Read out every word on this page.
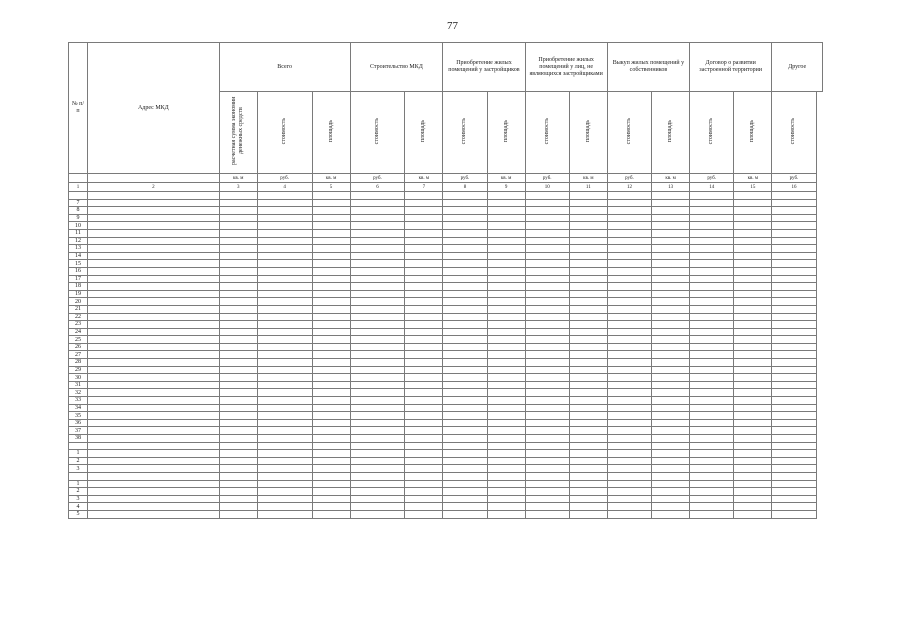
77
№ п/п	Адрес МКД	Всего			Строительство МКД		Приобретение жилых помещений у застройщиков		Приобретение жилых помещений у лиц, не являющихся застройщиками		Выкуп жилых помещений у собственников		Договор о развитии застроенной территории		Другое
		расчетная сумма экономии денежных средств	стоимость	площадь	стоимость	площадь	стоимость	площадь	стоимость	площадь	стоимость	площадь	стоимость	площадь	стоимость
		кв. м	руб.	кв. м	руб.	кв. м	руб.	кв. м	руб.	кв. м	руб.	кв. м	руб.	кв. м	руб.
1	2	3	4	5	6	7	8	9	10	11	12	13	14	15	16

7															
8															
9															
10															
11															
12															
13															
14															
15															
16															
17															
18															
19															
20															
21															
22															
23															
24															
25															
26															
27															
28															
29															
30															
31															
32															
33															
34															
35															
36															
37															
38															

1															
2															
3															

1															
2															
3															
4															
5															
